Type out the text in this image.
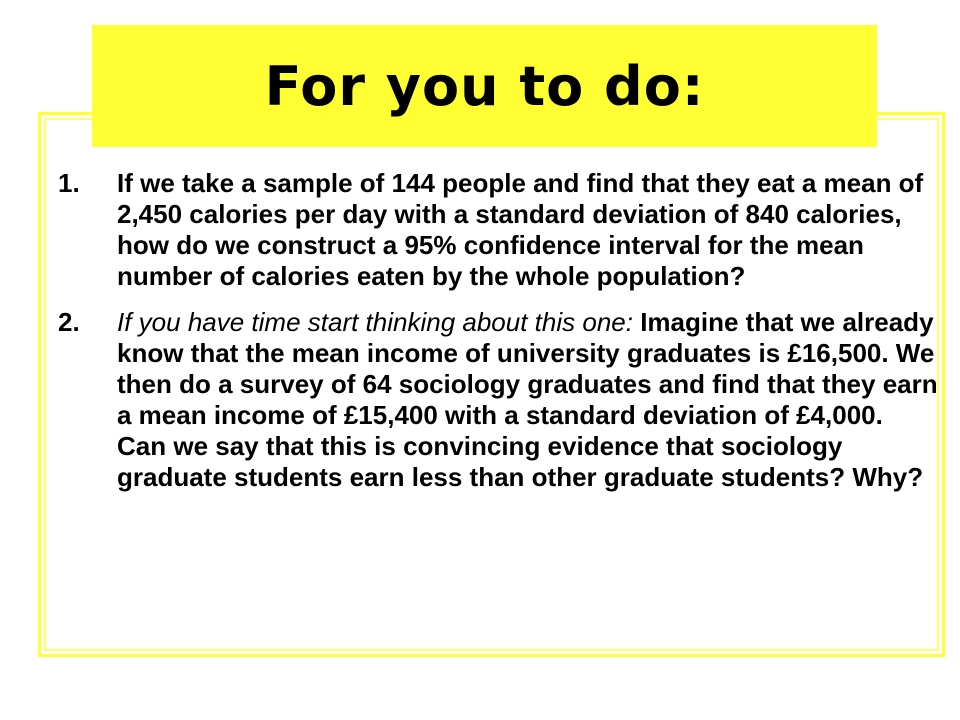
For you to do:
1. If we take a sample of 144 people and find that they eat a mean of 2,450 calories per day with a standard deviation of 840 calories, how do we construct a 95% confidence interval for the mean number of calories eaten by the whole population?
2. If you have time start thinking about this one: Imagine that we already know that the mean income of university graduates is £16,500. We then do a survey of 64 sociology graduates and find that they earn a mean income of £15,400 with a standard deviation of £4,000. Can we say that this is convincing evidence that sociology graduate students earn less than other graduate students? Why?
